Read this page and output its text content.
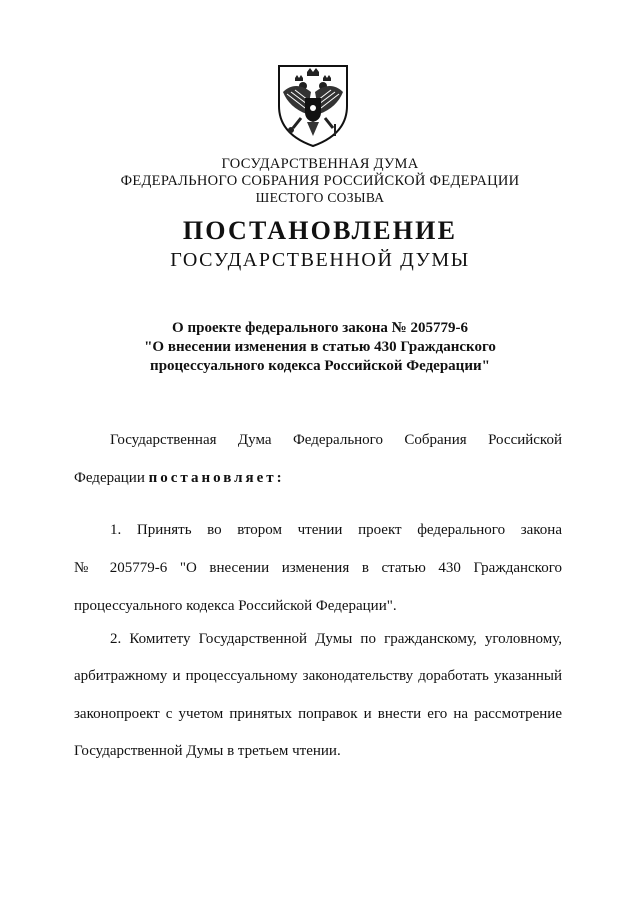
ГОСУДАРСТВЕННАЯ ДУМА
ФЕДЕРАЛЬНОГО СОБРАНИЯ РОССИЙСКОЙ ФЕДЕРАЦИИ
ШЕСТОГО СОЗЫВА
ПОСТАНОВЛЕНИЕ
ГОСУДАРСТВЕННОЙ ДУМЫ
О проекте федерального закона № 205779-6
"О внесении изменения в статью 430 Гражданского
процессуального кодекса Российской Федерации"
Государственная Дума Федерального Собрания Российской
Федерации постановляет:
1. Принять во втором чтении проект федерального закона
№ 205779-6 "О внесении изменения в статью 430 Гражданского
процессуального кодекса Российской Федерации".
2. Комитету Государственной Думы по гражданскому, уголовному,
арбитражному и процессуальному законодательству доработать указанный
законопроект с учетом принятых поправок и внести его на рассмотрение
Государственной Думы в третьем чтении.
